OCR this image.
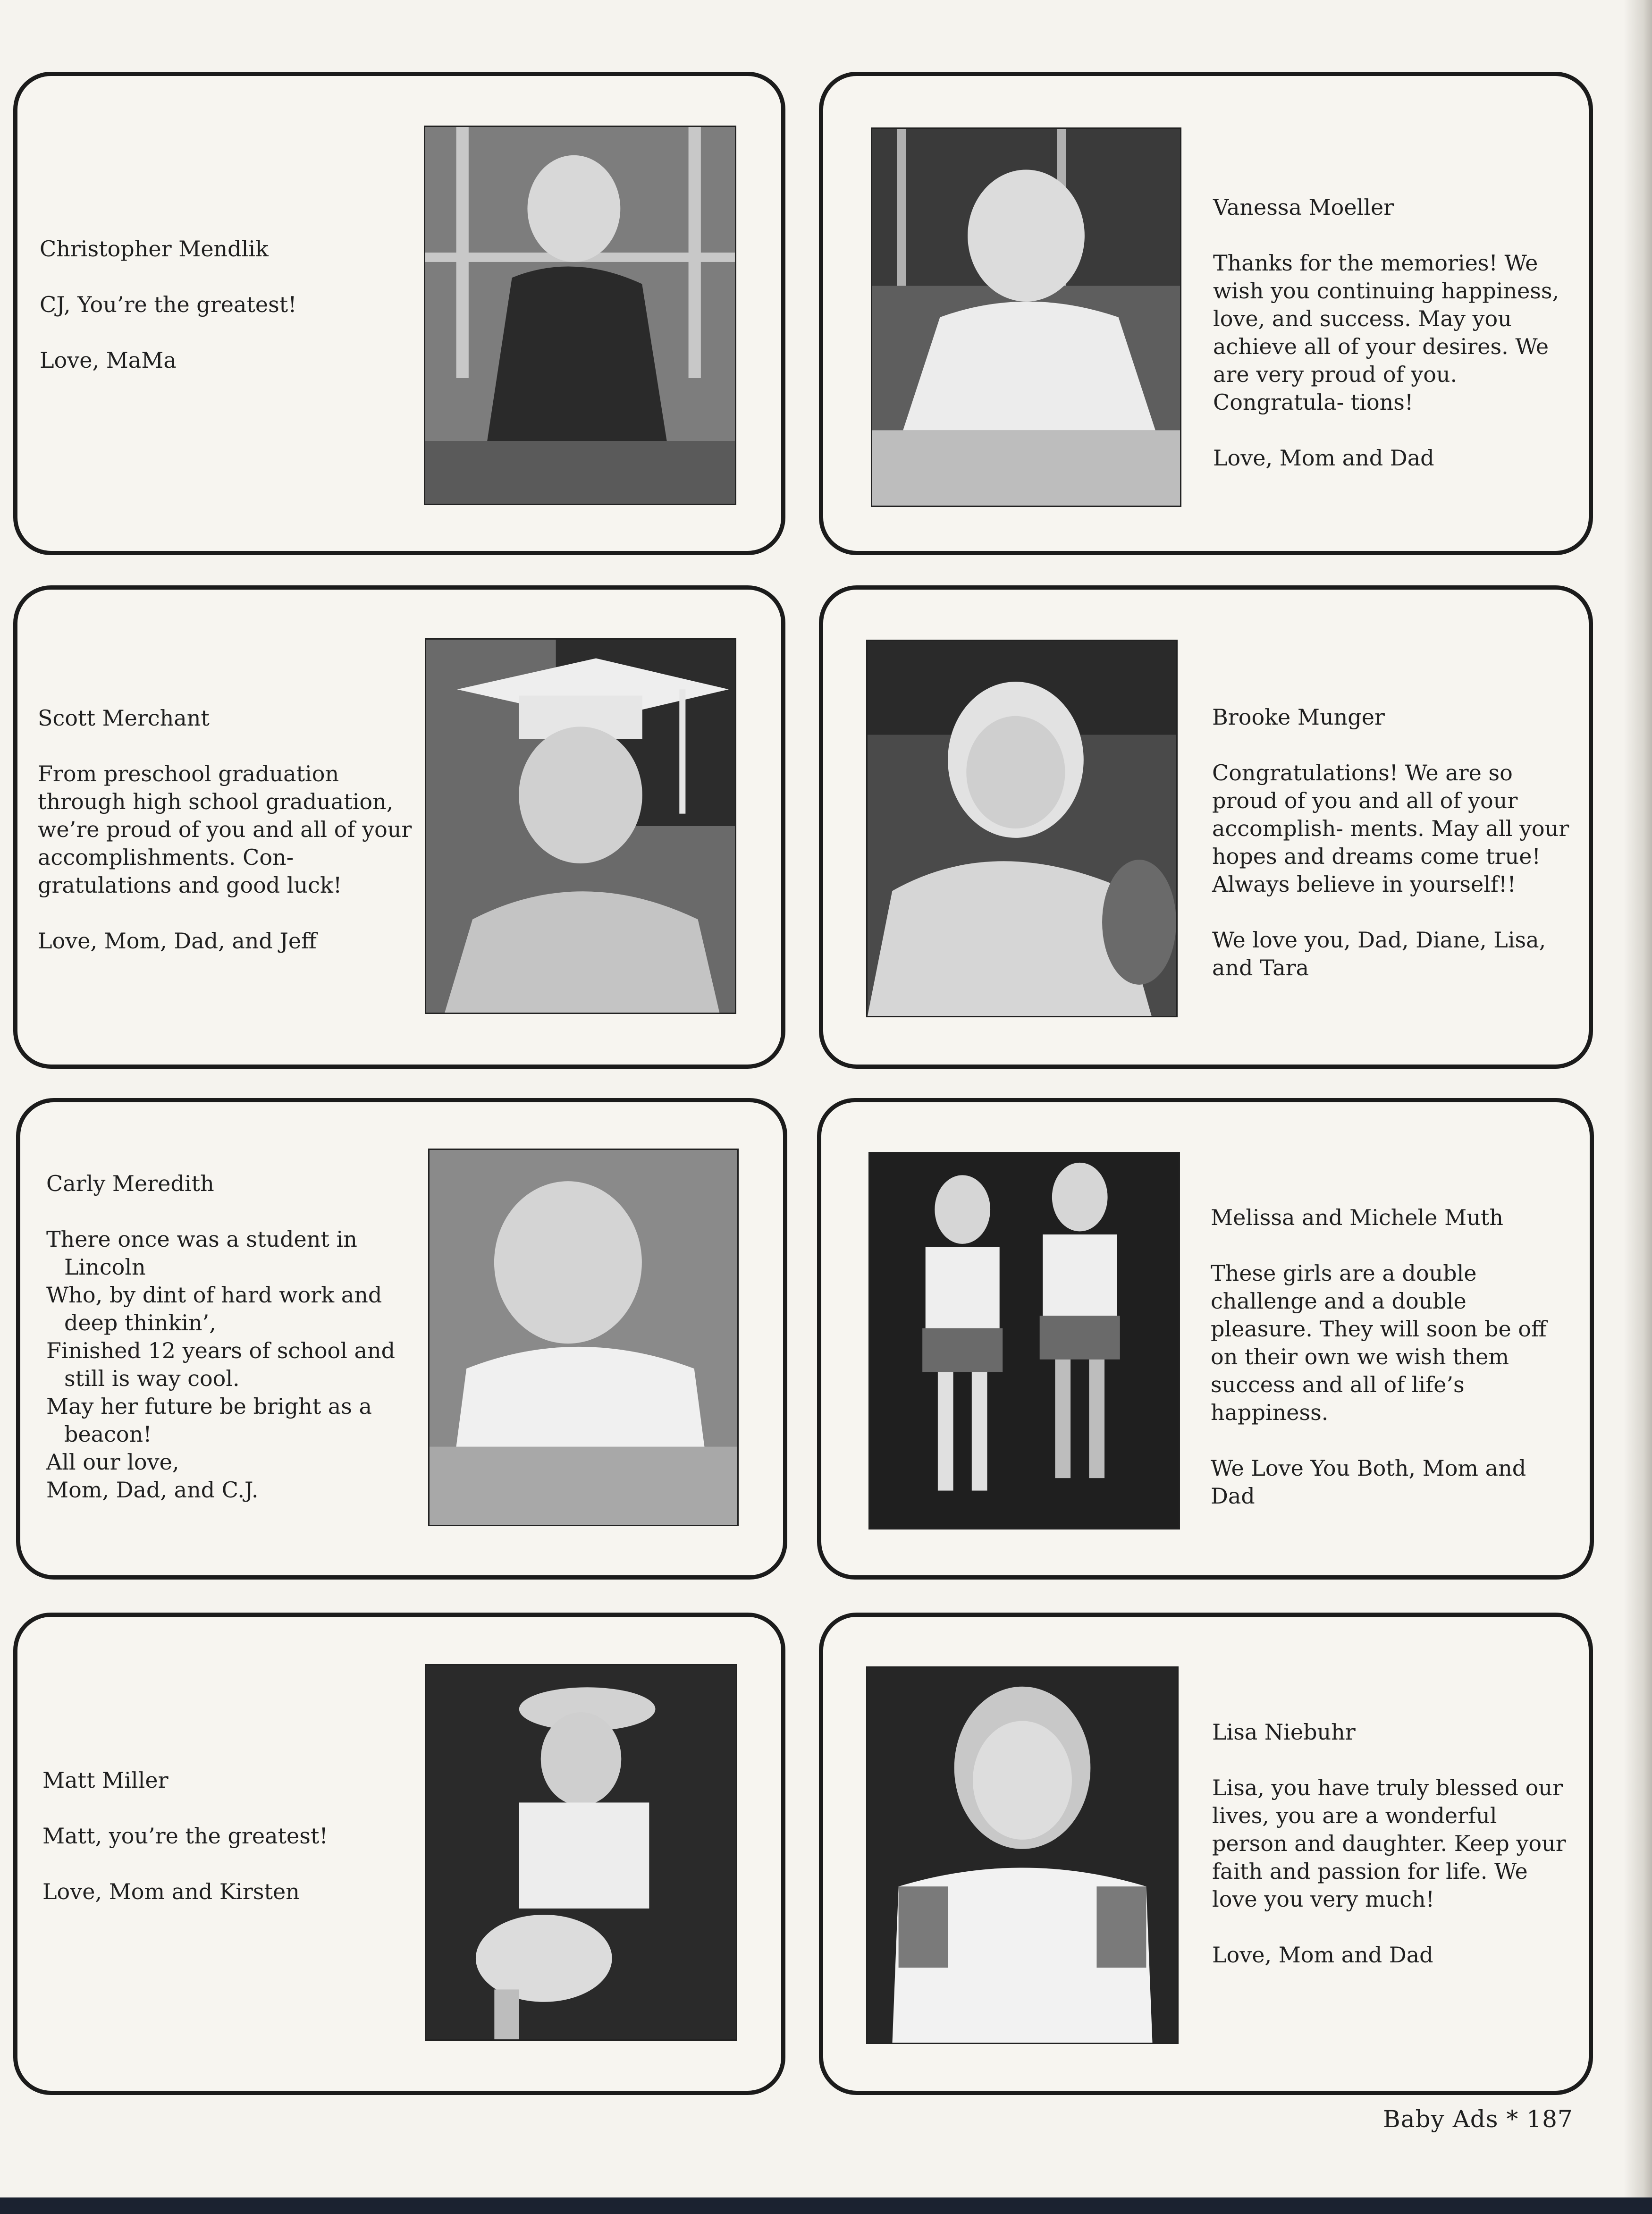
Christopher Mendlik

CJ, You’re the greatest!

Love, MaMa

Vanessa Moeller

Thanks for the memories! We wish you continuing happiness, love, and success. May you achieve all of your desires. We are very proud of you. Congratula- tions!

Love, Mom and Dad

Scott Merchant

From preschool graduation through high school graduation, we’re proud of you and all of your accomplishments. Con- gratulations and good luck!

Love, Mom, Dad, and Jeff

Brooke Munger

Congratulations! We are so proud of you and all of your accomplish- ments. May all your hopes and dreams come true! Always believe in yourself!!

We love you, Dad, Diane, Lisa, and Tara

Carly Meredith

There once was a student in Lincoln
Who, by dint of hard work and deep thinkin’,
Finished 12 years of school and still is way cool.
May her future be bright as a beacon!
All our love,
Mom, Dad, and C.J.

Melissa and Michele Muth

These girls are a double challenge and a double pleasure. They will soon be off on their own we wish them success and all of life’s happiness.

We Love You Both, Mom and Dad

Matt Miller

Matt, you’re the greatest!

Love, Mom and Kirsten

Lisa Niebuhr

Lisa, you have truly blessed our lives, you are a wonderful person and daughter. Keep your faith and passion for life. We love you very much!

Love, Mom and Dad

Baby Ads * 187
